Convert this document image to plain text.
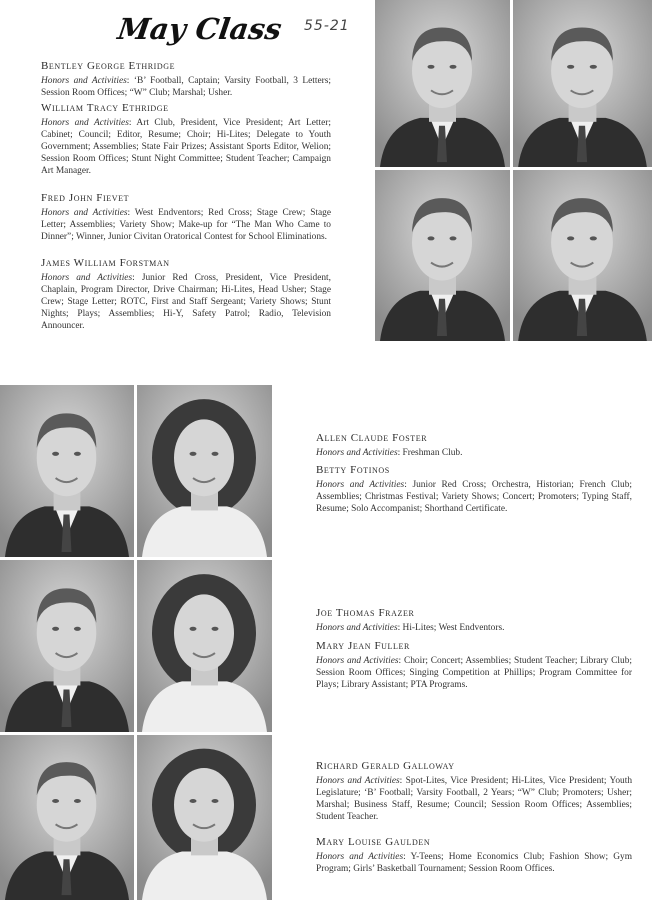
May Class 55-21
Bentley George Ethridge
Honors and Activities: ‘B’ Football, Captain; Varsity Football, 3 Letters; Session Room Offices; “W” Club; Marshal; Usher.
William Tracy Ethridge
Honors and Activities: Art Club, President, Vice President; Art Letter; Cabinet; Council; Editor, Resume; Choir; Hi-Lites; Delegate to Youth Government; Assemblies; State Fair Prizes; Assistant Sports Editor, Welion; Session Room Offices; Stunt Night Committee; Student Teacher; Campaign Art Manager.
Fred John Fievet
Honors and Activities: West Endventors; Red Cross; Stage Crew; Stage Letter; Assemblies; Variety Show; Make-up for “The Man Who Came to Dinner”; Winner, Junior Civitan Oratorical Contest for School Eliminations.
James William Forstman
Honors and Activities: Junior Red Cross, President, Vice President, Chaplain, Program Director, Drive Chairman; Hi-Lites, Head Usher; Stage Crew; Stage Letter; ROTC, First and Staff Sergeant; Variety Shows; Stunt Nights; Plays; Assemblies; Hi-Y, Safety Patrol; Radio, Television Announcer.
Allen Claude Foster
Honors and Activities: Freshman Club.
Betty Fotinos
Honors and Activities: Junior Red Cross; Orchestra, Historian; French Club; Assemblies; Christmas Festival; Variety Shows; Concert; Promoters; Typing Staff, Resume; Solo Accompanist; Shorthand Certificate.
Joe Thomas Frazer
Honors and Activities: Hi-Lites; West Endventors.
Mary Jean Fuller
Honors and Activities: Choir; Concert; Assemblies; Student Teacher; Library Club; Session Room Offices; Singing Competition at Phillips; Program Committee for Plays; Library Assistant; PTA Programs.
Richard Gerald Galloway
Honors and Activities: Spot-Lites, Vice President; Hi-Lites, Vice President; Youth Legislature; ‘B’ Football; Varsity Football, 2 Years; “W” Club; Promoters; Usher; Marshal; Business Staff, Resume; Council; Session Room Offices; Assemblies; Student Teacher.
Mary Louise Gaulden
Honors and Activities: Y-Teens; Home Economics Club; Fashion Show; Gym Program; Girls’ Basketball Tournament; Session Room Offices.
